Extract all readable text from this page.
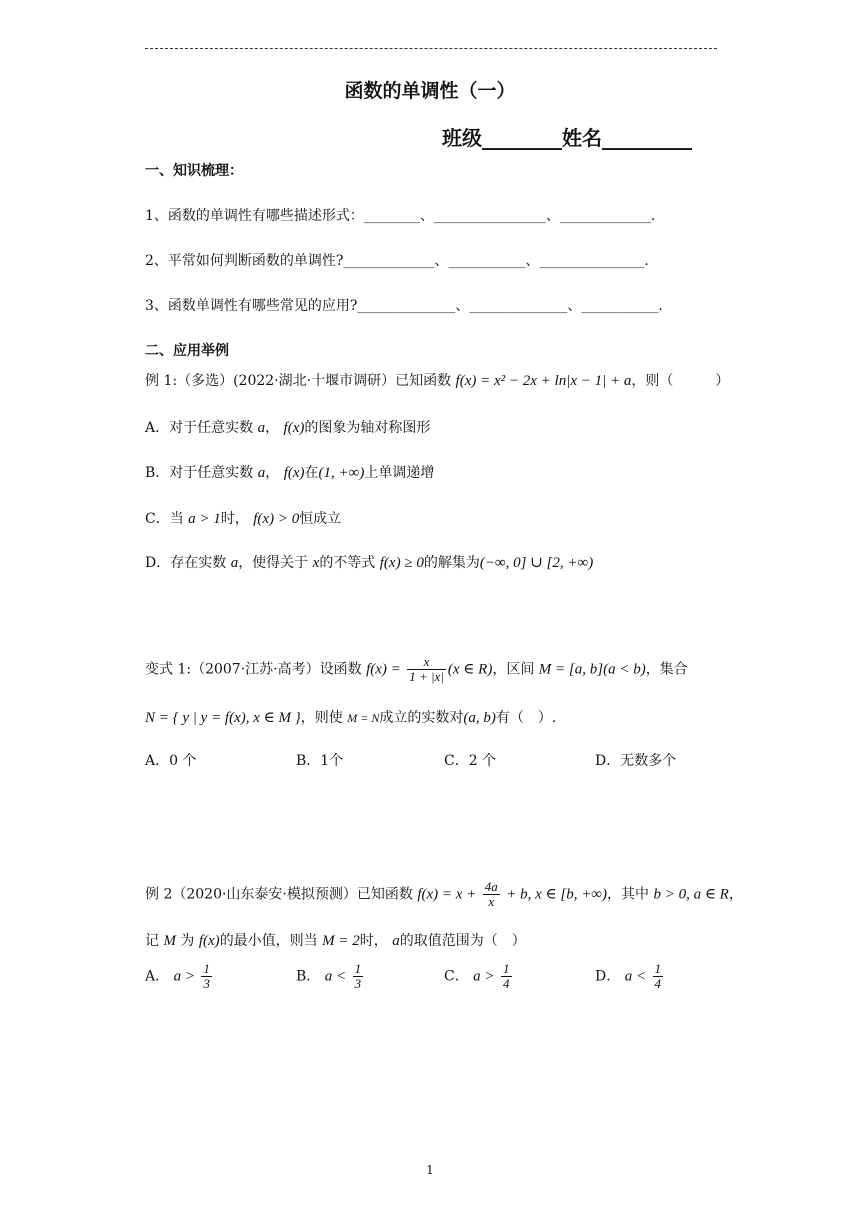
函数的单调性（一）
班级________姓名_________
一、知识梳理：
1、函数的单调性有哪些描述形式：________、________________、_____________.
2、平常如何判断函数的单调性?_____________、___________、_______________.
3、函数单调性有哪些常见的应用?______________、______________、___________.
二、应用举例
例 1:（多选）(2022·湖北·十堰市调研）已知函数 f(x) = x² − 2x + ln|x − 1| + a，则（　　　）
A．对于任意实数 a， f(x)的图象为轴对称图形
B．对于任意实数 a， f(x)在(1, +∞)上单调递增
C．当 a > 1时， f(x) > 0恒成立
D．存在实数 a，使得关于 x的不等式 f(x) ≥ 0的解集为(−∞, 0] ∪ [2, +∞)
变式 1:（2007·江苏·高考）设函数 $f(x) = \frac{x}{1 + |x|} (x$ ∈ R)，区间 M = [a, b](a < b)，集合
N = { y | y = f(x), x ∈ M }，则使 M = N成立的实数对(a, b)有（　）.
A．0 个	B．1个	C．2 个	D．无数多个
例 2（2020·山东泰安·模拟预测）已知函数 $f(x) = x + \frac{4a}{x} + b$, x ∈ [b, +∞)，其中 b > 0, a ∈ R，
记 M 为 f(x)的最小值，则当 M = 2时， a的取值范围为（　）
A． $a > \frac{1}{3}$	B． $a < \frac{1}{3}$	C． $a > \frac{1}{4}$	D． $a < \frac{1}{4}$
1
